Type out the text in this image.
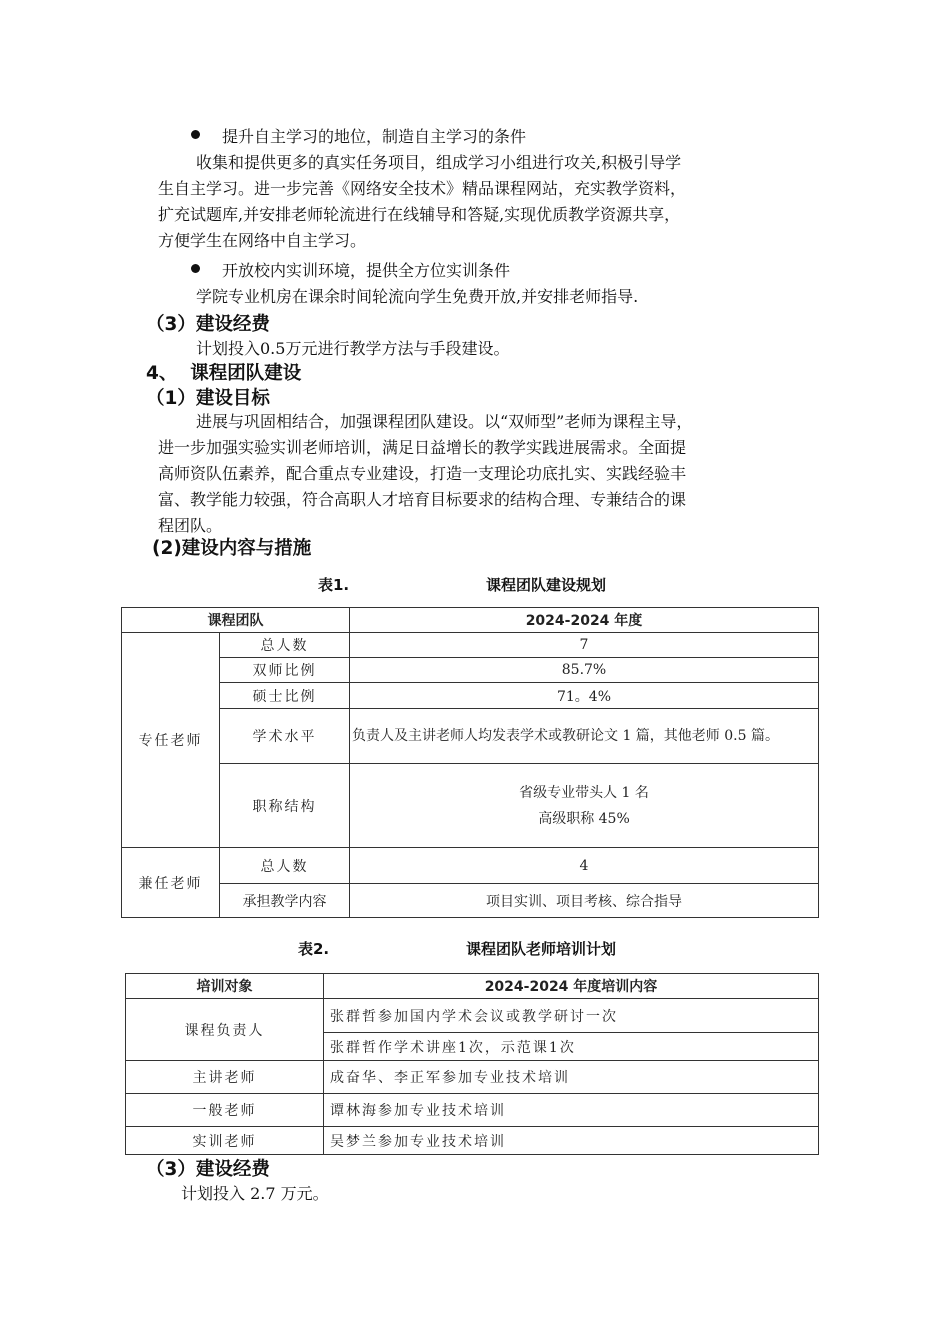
提升自主学习的地位，制造自主学习的条件
收集和提供更多的真实任务项目，组成学习小组进行攻关,积极引导学
生自主学习。进一步完善《网络安全技术》精品课程网站，充实教学资料，
扩充试题库,并安排老师轮流进行在线辅导和答疑,实现优质教学资源共享，
方便学生在网络中自主学习。
开放校内实训环境，提供全方位实训条件
学院专业机房在课余时间轮流向学生免费开放,并安排老师指导.
（3）建设经费
计划投入0.5万元进行教学方法与手段建设。
4、  课程团队建设
（1）建设目标
进展与巩固相结合，加强课程团队建设。以“双师型”老师为课程主导，
进一步加强实验实训老师培训，满足日益增长的教学实践进展需求。全面提
高师资队伍素养，配合重点专业建设，打造一支理论功底扎实、实践经验丰
富、教学能力较强，符合高职人才培育目标要求的结构合理、专兼结合的课
程团队。
(2)建设内容与措施
表1.	课程团队建设规划
课程团队		2024-2024 年度
专任老师	总人数	7
	双师比例	85.7%
	硕士比例	71。4%
	学术水平	负责人及主讲老师人均发表学术或教研论文 1 篇，其他老师 0.5 篇。
	职称结构	省级专业带头人 1 名
高级职称 45%

兼任老师	总人数	4
	承担教学内容	项目实训、项目考核、综合指导
表2.	课程团队老师培训计划
培训对象	2024-2024 年度培训内容
课程负责人	张群哲参加国内学术会议或教学研讨一次
	张群哲作学术讲座1次，示范课1次
主讲老师	成奋华、李正军参加专业技术培训
一般老师	谭林海参加专业技术培训
实训老师	吴梦兰参加专业技术培训
（3）建设经费
计划投入 2.7 万元。
